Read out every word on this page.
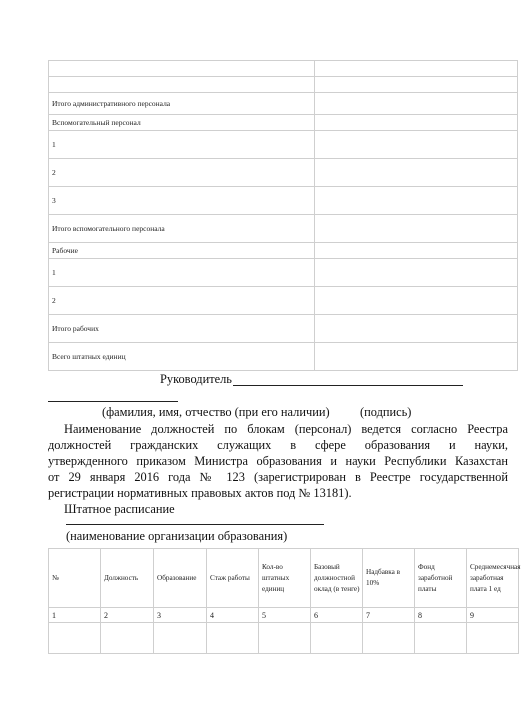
Итого административного персонала	
Вспомогательный персонал	
1	
2	
3	
Итого вспомогательного персонала	
Рабочие	
1	
2	
Итого рабочих	
Всего штатных единиц	
Руководитель
(фамилия, имя, отчество (при его наличии) (подпись)
Наименование должностей по блокам (персонал) ведется согласно Реестра
должностей гражданских служащих в сфере образования и науки,
утвержденного приказом Министра образования и науки Республики Казахстан
от 29 января 2016 года № 123 (зарегистрирован в Реестре государственной
регистрации нормативных правовых актов под № 13181).
Штатное расписание
(наименование организации образования)
№	Должность	Образование	Стаж работы	Кол-во штатных единиц	Базовый должностной оклад (в тенге)	Надбавка в 10%	Фонд заработной платы	Среднемесячная заработная плата 1 ед
1	2	3	4	5	6	7	8	9
